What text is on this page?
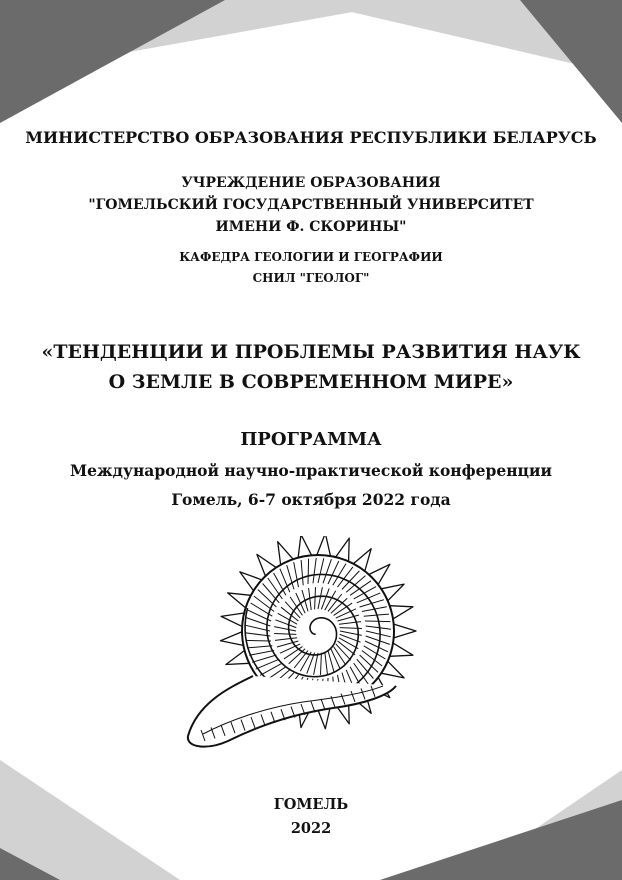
МИНИСТЕРСТВО ОБРАЗОВАНИЯ РЕСПУБЛИКИ БЕЛАРУСЬ
УЧРЕЖДЕНИЕ ОБРАЗОВАНИЯ
"ГОМЕЛЬСКИЙ ГОСУДАРСТВЕННЫЙ УНИВЕРСИТЕТ
ИМЕНИ Ф. СКОРИНЫ"
КАФЕДРА ГЕОЛОГИИ И ГЕОГРАФИИ
СНИЛ "ГЕОЛОГ"
«ТЕНДЕНЦИИ И ПРОБЛЕМЫ РАЗВИТИЯ НАУК
О ЗЕМЛЕ В СОВРЕМЕННОМ МИРЕ»
ПРОГРАММА
Международной научно-практической конференции
Гомель, 6-7 октября 2022 года
ГОМЕЛЬ
2022
